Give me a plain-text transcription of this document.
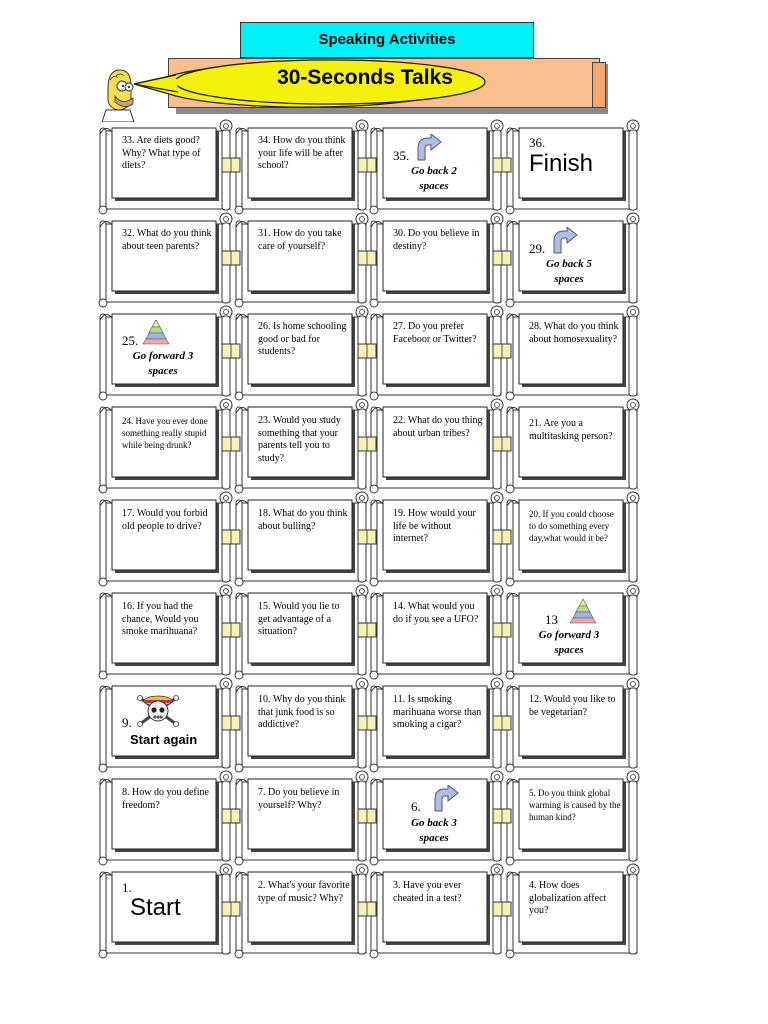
Speaking Activities
30-Seconds Talks
33. Are diets good? Why? What type of diets?
34. How do you think your life will be after school?
35.
Go back 2
spaces
36.
Finish
32. What do you think about teen parents?
31. How do you take care of yourself?
30. Do you believe in destiny?	29.
Go back 5
spaces
25.
Go forward 3
spaces
26. Is home schooling good or bad for students?
27. Do you prefer Faceboor or Twitter?
28. What do you think about homosexuality?
24. Have you ever done something really stupid while being drunk?
23. Would you study something that your parents tell you to study?
22. What do you thing about urban tribes?
21. Are you a multitasking person?
17. Would you forbid old people to drive?
18. What do you think about bulling?
19. How would your life be without internet?
20. If you could choose to do something every day,what would it be?
16. If you had the chance, Would you smoke marihuana?
15. Would you lie to get advantage of a situation?
14. What would you do if you see a UFO?	13
Go forward 3
spaces
9.
Start again
10. Why do you think that junk food is so addictive?
11. Is smoking marihuana worse than smoking a cigar?
12. Would you like to be vegetarian?
8. How do you define freedom?
7. Do you believe in yourself? Why?	6.
Go back 3
spaces
5. Do you think global warming is caused by the human kind?
1.
Start
2. What's your favorite type of music? Why?
3. Have you ever cheated in a test?
4. How does globalization affect you?
